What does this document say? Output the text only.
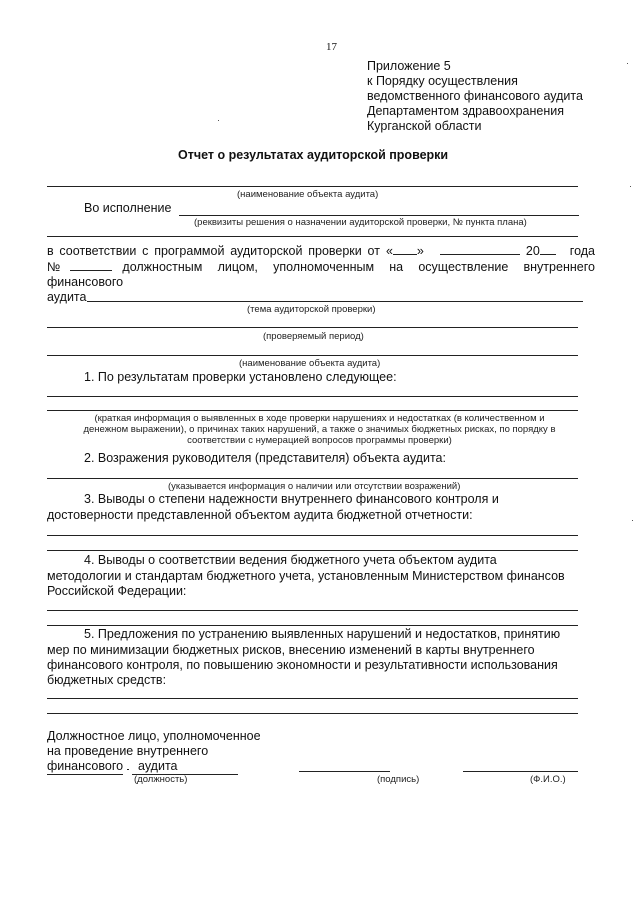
17
Приложение 5
к Порядку осуществления
ведомственного финансового аудита
Департаментом здравоохранения
Курганской области
Отчет о результатах аудиторской проверки
(наименование объекта аудита)
Во исполнение
(реквизиты решения о назначении аудиторской проверки, № пункта плана)
в соответствии с программой аудиторской проверки от « »	20 года
№	должностным лицом, уполномоченным на осуществление внутреннего
финансового
аудита
(тема аудиторской проверки)
(проверяемый период)
(наименование объекта аудита)
1. По результатам проверки установлено следующее:
(краткая информация о выявленных в ходе проверки нарушениях и недостатках (в количественном и
денежном выражении), о причинах таких нарушений, а также о значимых бюджетных рисках, по порядку в
соответствии с нумерацией вопросов программы проверки)
2. Возражения руководителя (представителя) объекта аудита:
(указывается информация о наличии или отсутствии возражений)
3. Выводы о степени надежности внутреннего финансового контроля и
достоверности представленной объектом аудита бюджетной отчетности:
4. Выводы о соответствии ведения бюджетного учета объектом аудита
методологии и стандартам бюджетного учета, установленным Министерством финансов
Российской Федерации:
5. Предложения по устранению выявленных нарушений и недостатков, принятию
мер по минимизации бюджетных рисков, внесению изменений в карты внутреннего
финансового контроля, по повышению экономности и результативности использования
бюджетных средств:
Должностное лицо, уполномоченное
на проведение внутреннего
финансового аудита
(должность)	(подпись)	(Ф.И.О.)
